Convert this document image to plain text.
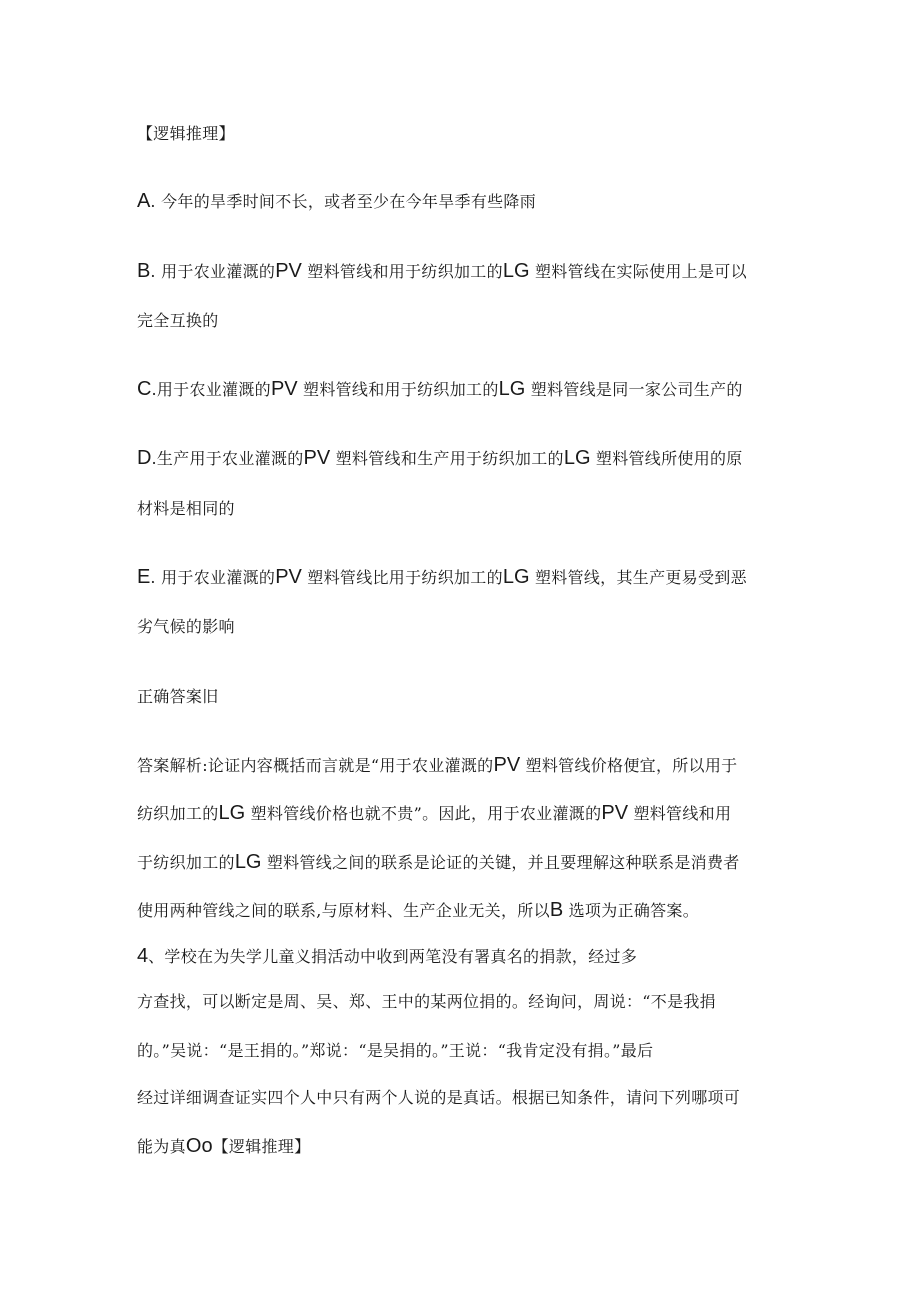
【逻辑推理】
A. 今年的旱季时间不长，或者至少在今年旱季有些降雨
B. 用于农业灌溉的PV 塑料管线和用于纺织加工的LG 塑料管线在实际使用上是可以
完全互换的
C.用于农业灌溉的PV 塑料管线和用于纺织加工的LG 塑料管线是同一家公司生产的
D.生产用于农业灌溉的PV 塑料管线和生产用于纺织加工的LG 塑料管线所使用的原
材料是相同的
E. 用于农业灌溉的PV 塑料管线比用于纺织加工的LG 塑料管线，其生产更易受到恶
劣气候的影响
正确答案旧
答案解析:论证内容概括而言就是“用于农业灌溉的PV 塑料管线价格便宜，所以用于
纺织加工的LG 塑料管线价格也就不贵”。因此，用于农业灌溉的PV 塑料管线和用
于纺织加工的LG 塑料管线之间的联系是论证的关键，并且要理解这种联系是消费者
使用两种管线之间的联系,与原材料、生产企业无关，所以B 选项为正确答案。
4、学校在为失学儿童义捐活动中收到两笔没有署真名的捐款，经过多
方查找，可以断定是周、吴、郑、王中的某两位捐的。经询问，周说：“不是我捐
的。”吴说：“是王捐的。”郑说：“是吴捐的。”王说：“我肯定没有捐。”最后
经过详细调查证实四个人中只有两个人说的是真话。根据已知条件，请问下列哪项可
能为真Oo【逻辑推理】
